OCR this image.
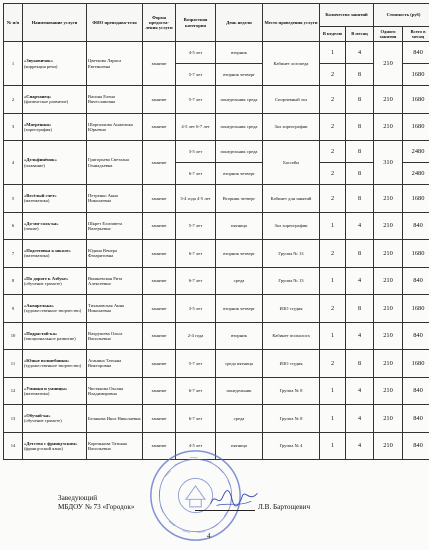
№ п/п	Наименование услуги	ФИО преподава-теля	Форма предоста-ления услуги	Возрастная категория	День недели	Место проведения услуги	Количество занятий		Стоимость (руб)	
							В неделю	В месяц	Одного занятия	Всего в месяц
1	«Звуковичок»
(коррекция речи)	Цветкова Лариса Евгеньевна	занятие	4-5 лет	вторник	Кабинет логопеда	1	4	210	840
				5-7 лет	вторник четверг		2	8		1680
2	«Спартанец»
(физическое развитие)	Васина Елена Вячеславовна	занятие	5-7 лет	понедельник среда	Спортивный зал	2	8	210	1680
3	«Матрешки»
(хореография)	Шарталкова Анжелика Юрьевна	занятие	4-5 лет 6-7 лет	понедельник среда	Зал хореографии	2	8	210	1680
4	«Дельфинёнок»
(плавание)	Григорьева Светлана Геннадьевна	занятие	3-5 лет	понедельник среда	Бассейн	2	8	310	2480
				6-7 лет	вторник четверг		2	8		2480
5	«Весёлый счет»
(математика)	Петренко Анна Николаевна	занятие	3-4 года 4-5 лет	Вторник четверг	Кабинет для занятий	2	8	210	1680
6	«До-ми-соль-ка»
(пение)	Шкрет Елизавета Валерьевна	занятие	5-7 лет	пятница	Зал хореографии	1	4	210	840
7	«Подготовка к школе»
(математика)	Юдина Венера Фазаритовна	занятие	6-7 лет	вторник четверг	Группа № 13	2	8	210	1680
8	«По дороге к Азбуке»
(обучение грамоте)	Вишневская Рита Алексеевна	занятие	6-7 лет	среда	Группа № 13	1	4	210	840
9	«Акварелька»
(художественное творчество)	Тихановская Анна Николаевна	занятие	3-5 лет	вторник четверг	ИЗО студия	2	8	210	1680
10	«Подрастай-ка»
(эмоциональное развитие)	Вахрушева Ольга Васильевна	занятие	2-4 года	вторник	Кабинет психолога	1	4	210	840
11	«Юные волшебники»
(художественное творчество)	Аганина Татьяна Викторовна	занятие	5-7 лет	среда пятница	ИЗО студия	2	8	210	1680
12	«Умники и умницы»
(математика)	Чистякова Оксана Владимировна	занятие	6-7 лет	понедельник	Группа № 8	1	4	210	840
13	«Обучай-ка»
(обучение грамоте)	Белякова Инга Николаевна	занятие	6-7 лет	среда	Группа № 8	1	4	210	840
14	«Детство с французским»
(французский язык)	Коренькова Татьяна Васильевна	занятие	4-5 лет	пятница	Группа № 4	1	4	210	840
Заведующий
МБДОУ № 73 «Городок»	Л.В. Бартощевич
4
